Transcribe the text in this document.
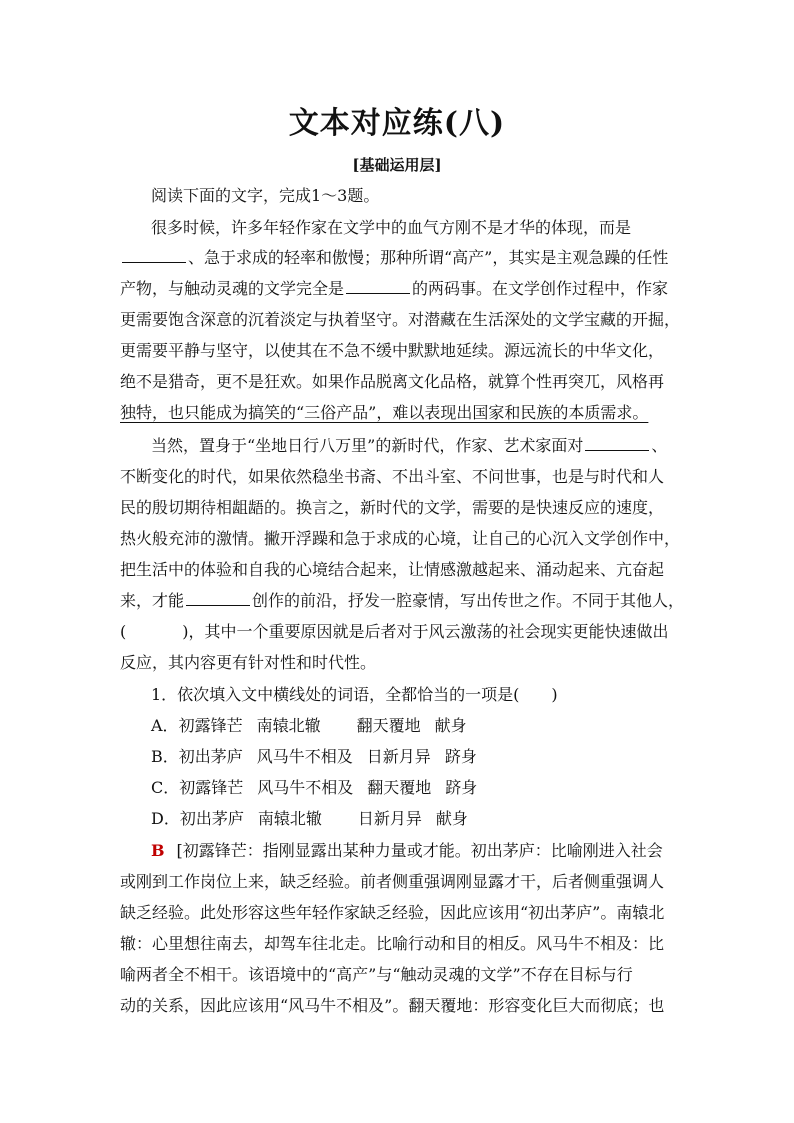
文本对应练(八)
[基础运用层]
阅读下面的文字，完成1～3题。
很多时候，许多年轻作家在文学中的血气方刚不是才华的体现，而是
、急于求成的轻率和傲慢；那种所谓“高产”，其实是主观急躁的任性
产物，与触动灵魂的文学完全是	的两码事。在文学创作过程中，作家
更需要饱含深意的沉着淡定与执着坚守。对潜藏在生活深处的文学宝藏的开掘，
更需要平静与坚守，以使其在不急不缓中默默地延续。源远流长的中华文化，
绝不是猎奇，更不是狂欢。如果作品脱离文化品格，就算个性再突兀，风格再
独特，也只能成为搞笑的“三俗产品”，难以表现出国家和民族的本质需求。
当然，置身于“坐地日行八万里”的新时代，作家、艺术家面对	、
不断变化的时代，如果依然稳坐书斋、不出斗室、不问世事，也是与时代和人
民的殷切期待相龃龉的。换言之，新时代的文学，需要的是快速反应的速度，
热火般充沛的激情。撇开浮躁和急于求成的心境，让自己的心沉入文学创作中，
把生活中的体验和自我的心境结合起来，让情感激越起来、涌动起来、亢奋起
来，才能	创作的前沿，抒发一腔豪情，写出传世之作。不同于其他人，
(	)，其中一个重要原因就是后者对于风云激荡的社会现实更能快速做出
反应，其内容更有针对性和时代性。
1．依次填入文中横线处的词语，全都恰当的一项是(　　)
A．初露锋芒 南辕北辙 翻天覆地 献身
B．初出茅庐 风马牛不相及 日新月异 跻身
C．初露锋芒 风马牛不相及 翻天覆地 跻身
D．初出茅庐 南辕北辙 日新月异 献身
B [初露锋芒：指刚显露出某种力量或才能。初出茅庐：比喻刚进入社会
或刚到工作岗位上来，缺乏经验。前者侧重强调刚显露才干，后者侧重强调人
缺乏经验。此处形容这些年轻作家缺乏经验，因此应该用“初出茅庐”。南辕北
辙：心里想往南去，却驾车往北走。比喻行动和目的相反。风马牛不相及：比
喻两者全不相干。该语境中的“高产”与“触动灵魂的文学”不存在目标与行
动的关系，因此应该用“风马牛不相及”。翻天覆地：形容变化巨大而彻底；也
